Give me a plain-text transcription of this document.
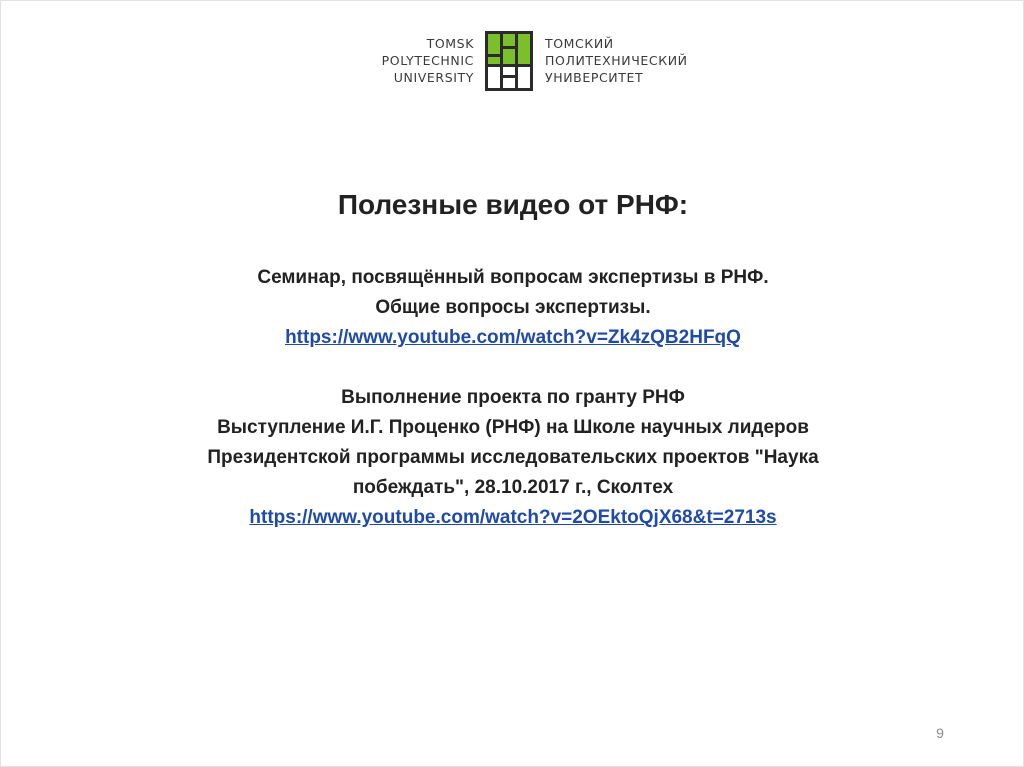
TOMSK
POLYTECHNIC
UNIVERSITY
ТОМСКИЙ
ПОЛИТЕХНИЧЕСКИЙ
УНИВЕРСИТЕТ
Полезные видео от РНФ:

Семинар, посвящённый вопросам экспертизы в РНФ.
Общие вопросы экспертизы.
https://www.youtube.com/watch?v=Zk4zQB2HFqQ

Выполнение проекта по гранту РНФ
Выступление И.Г. Проценко (РНФ) на Школе научных лидеров
Президентской программы исследовательских проектов "Наука
побеждать", 28.10.2017 г., Сколтех
https://www.youtube.com/watch?v=2OEktoQjX68&t=2713s

9
